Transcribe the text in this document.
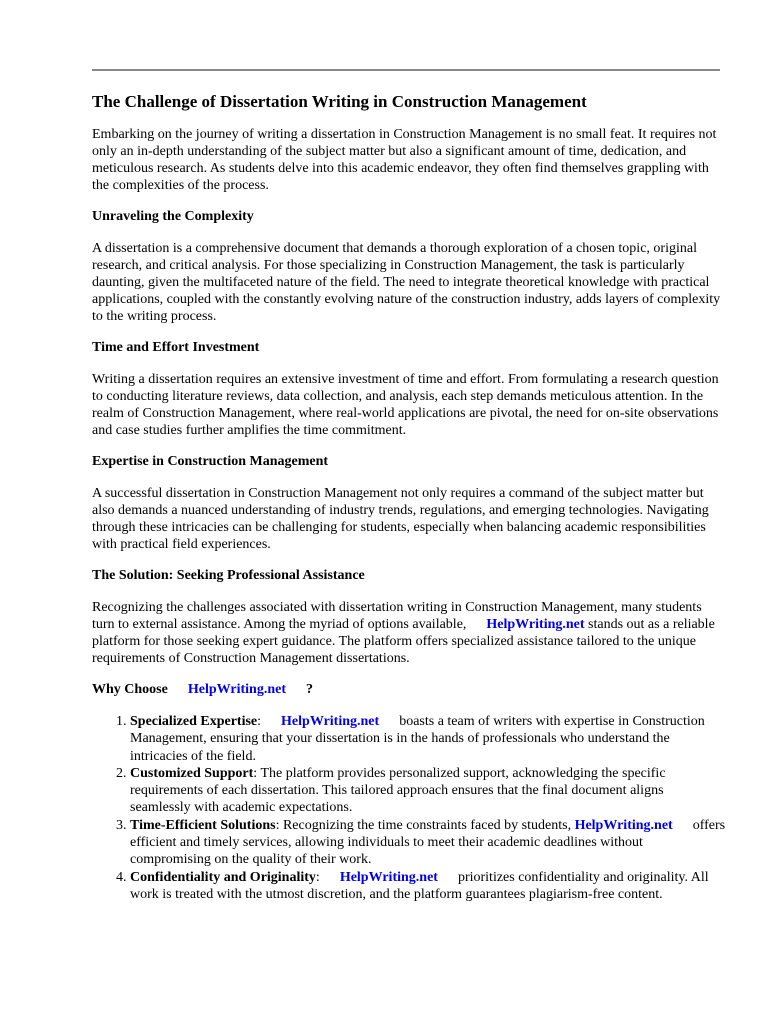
The Challenge of Dissertation Writing in Construction Management

Embarking on the journey of writing a dissertation in Construction Management is no small feat. It requires not only an in-depth understanding of the subject matter but also a significant amount of time, dedication, and meticulous research. As students delve into this academic endeavor, they often find themselves grappling with the complexities of the process.

Unraveling the Complexity

A dissertation is a comprehensive document that demands a thorough exploration of a chosen topic, original research, and critical analysis. For those specializing in Construction Management, the task is particularly daunting, given the multifaceted nature of the field. The need to integrate theoretical knowledge with practical applications, coupled with the constantly evolving nature of the construction industry, adds layers of complexity to the writing process.

Time and Effort Investment

Writing a dissertation requires an extensive investment of time and effort. From formulating a research question to conducting literature reviews, data collection, and analysis, each step demands meticulous attention. In the realm of Construction Management, where real-world applications are pivotal, the need for on-site observations and case studies further amplifies the time commitment.

Expertise in Construction Management

A successful dissertation in Construction Management not only requires a command of the subject matter but also demands a nuanced understanding of industry trends, regulations, and emerging technologies. Navigating through these intricacies can be challenging for students, especially when balancing academic responsibilities with practical field experiences.

The Solution: Seeking Professional Assistance

Recognizing the challenges associated with dissertation writing in Construction Management, many students turn to external assistance. Among the myriad of options available, HelpWriting.net stands out as a reliable platform for those seeking expert guidance. The platform offers specialized assistance tailored to the unique requirements of Construction Management dissertations.

Why Choose HelpWriting.net ?
1. Specialized Expertise: HelpWriting.net boasts a team of writers with expertise in Construction Management, ensuring that your dissertation is in the hands of professionals who understand the intricacies of the field.
2. Customized Support: The platform provides personalized support, acknowledging the specific requirements of each dissertation. This tailored approach ensures that the final document aligns seamlessly with academic expectations.
3. Time-Efficient Solutions: Recognizing the time constraints faced by students, HelpWriting.net offers efficient and timely services, allowing individuals to meet their academic deadlines without compromising on the quality of their work.
4. Confidentiality and Originality: HelpWriting.net prioritizes confidentiality and originality. All work is treated with the utmost discretion, and the platform guarantees plagiarism-free content.
